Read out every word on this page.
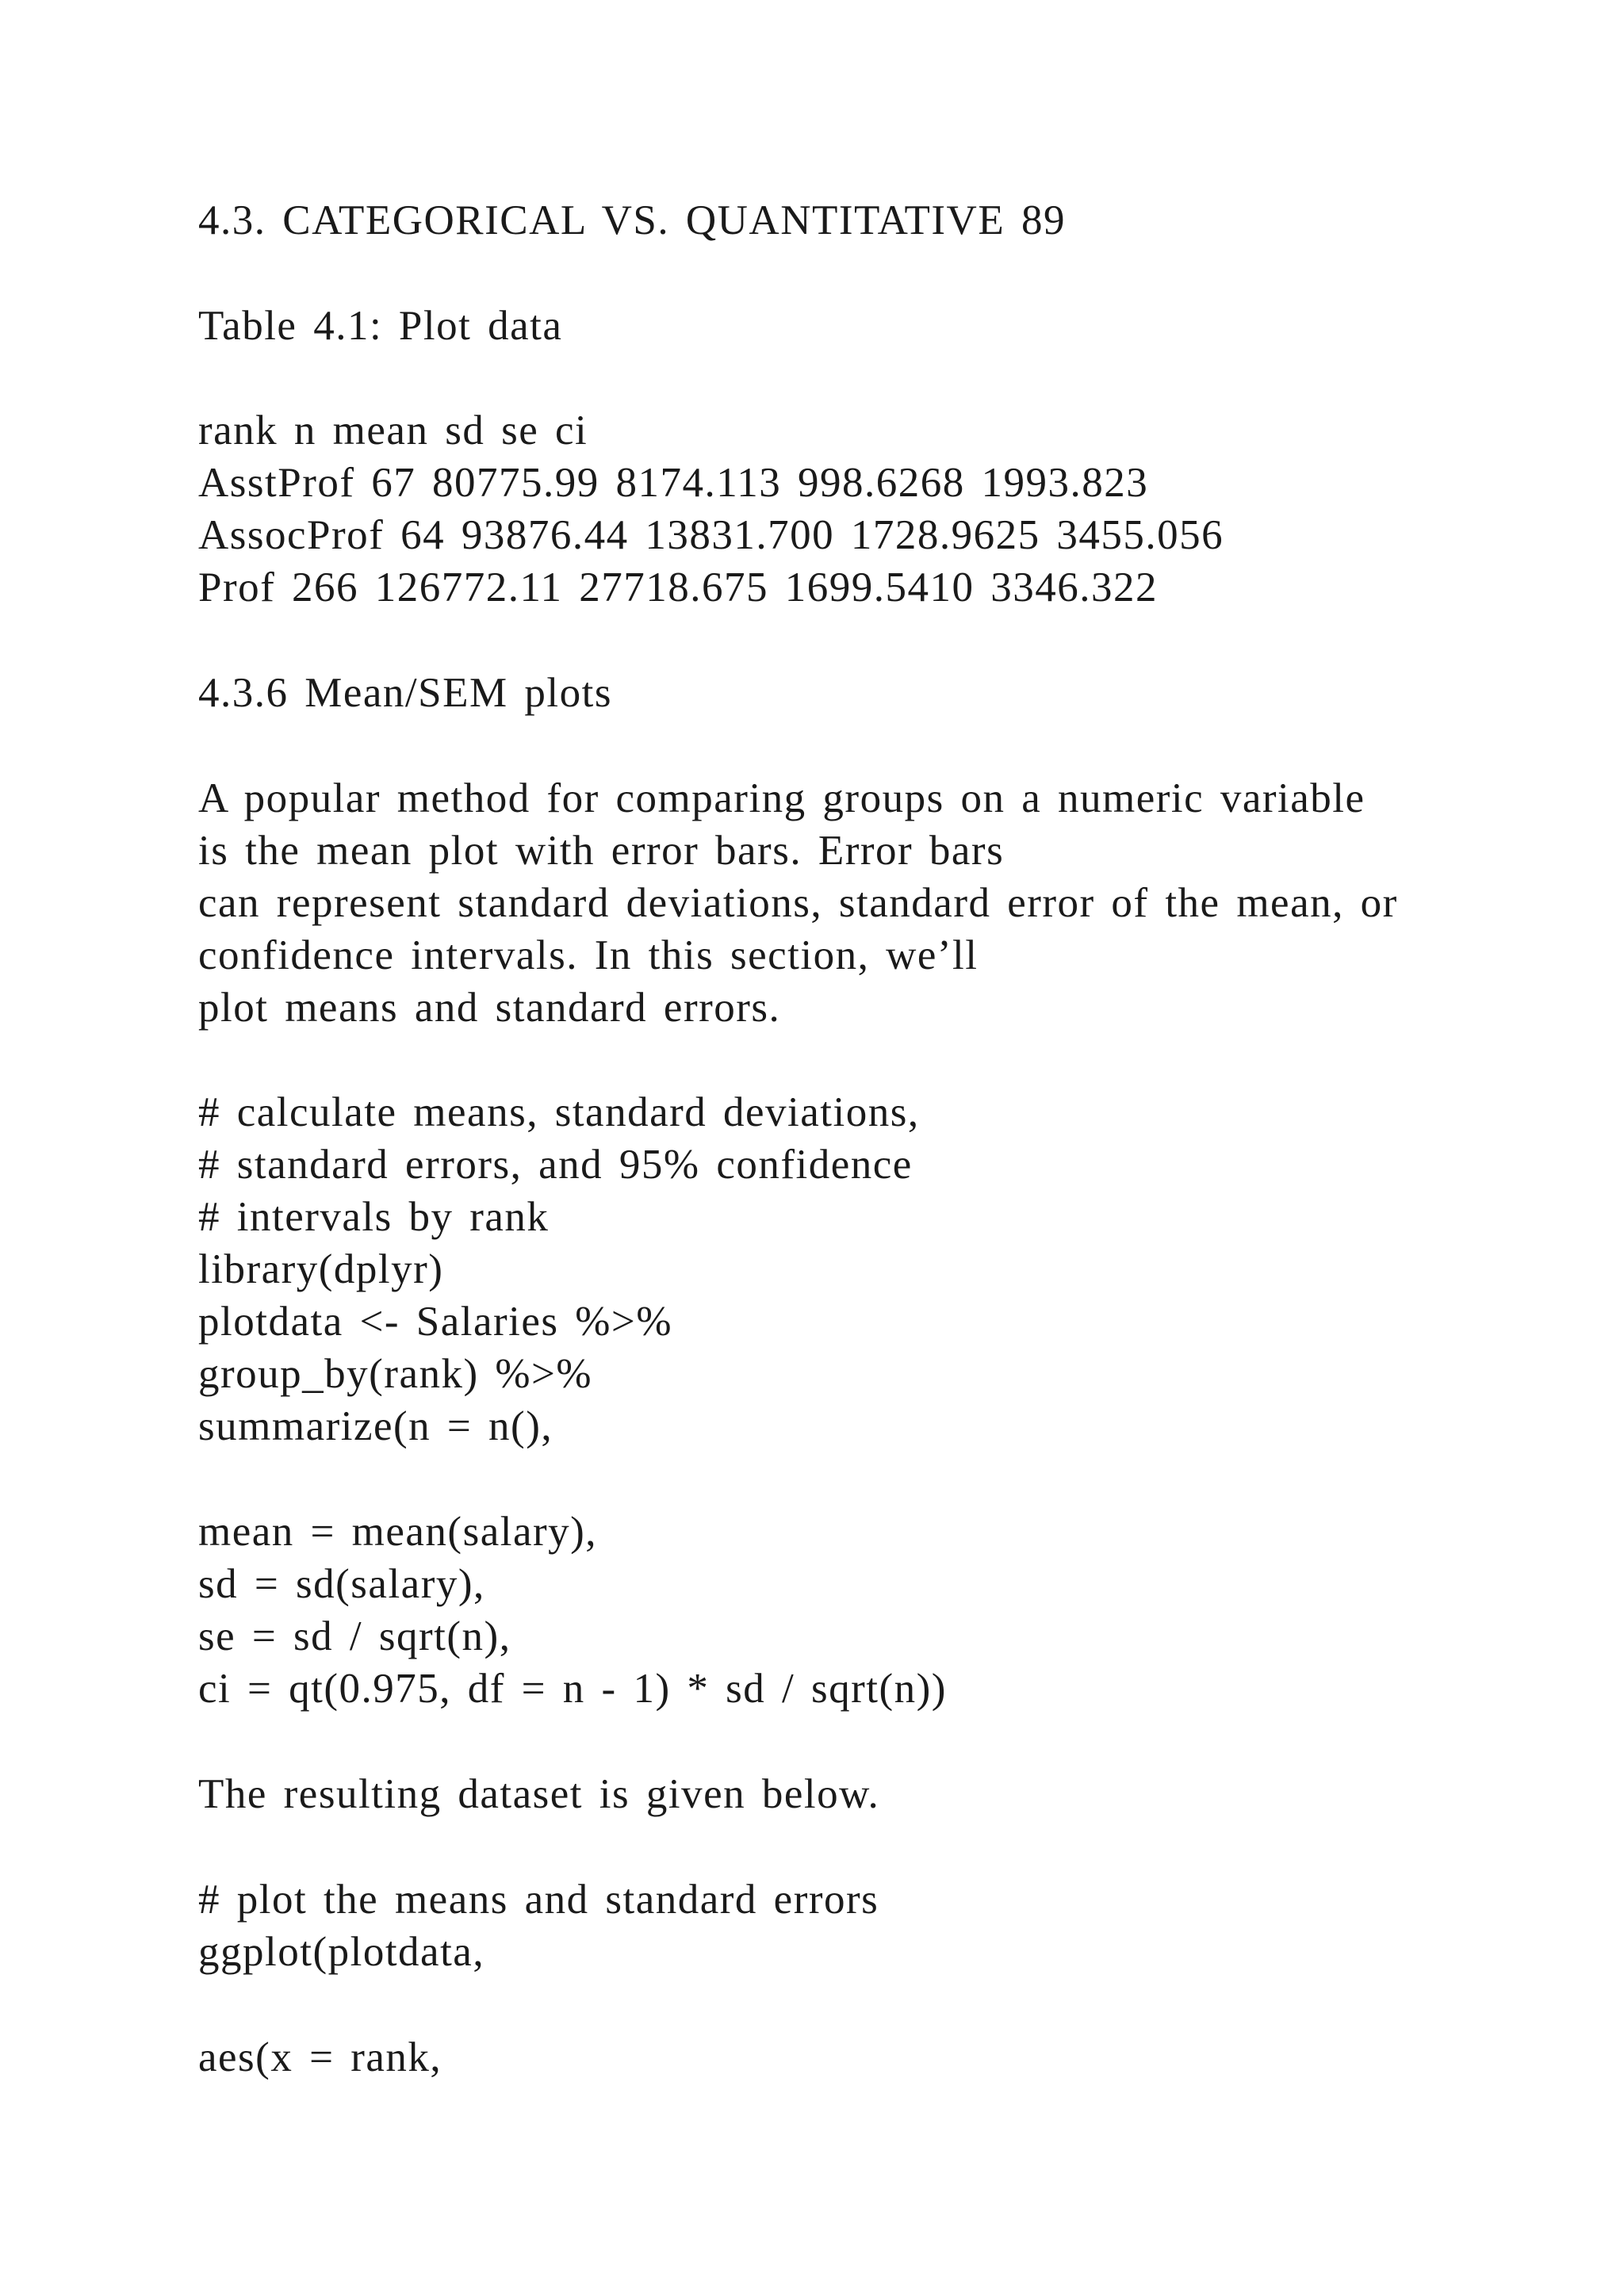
4.3. CATEGORICAL VS. QUANTITATIVE 89
Table 4.1: Plot data
rank n mean sd se ci
AsstProf 67 80775.99 8174.113 998.6268 1993.823
AssocProf 64 93876.44 13831.700 1728.9625 3455.056
Prof 266 126772.11 27718.675 1699.5410 3346.322
4.3.6 Mean/SEM plots
A popular method for comparing groups on a numeric variable
is the mean plot with error bars. Error bars
can represent standard deviations, standard error of the mean, or
confidence intervals. In this section, we’ll
plot means and standard errors.
# calculate means, standard deviations,
# standard errors, and 95% confidence
# intervals by rank
library(dplyr)
plotdata <- Salaries %>%
group_by(rank) %>%
summarize(n = n(),
mean = mean(salary),
sd = sd(salary),
se = sd / sqrt(n),
ci = qt(0.975, df = n - 1) * sd / sqrt(n))
The resulting dataset is given below.
# plot the means and standard errors
ggplot(plotdata,
aes(x = rank,
